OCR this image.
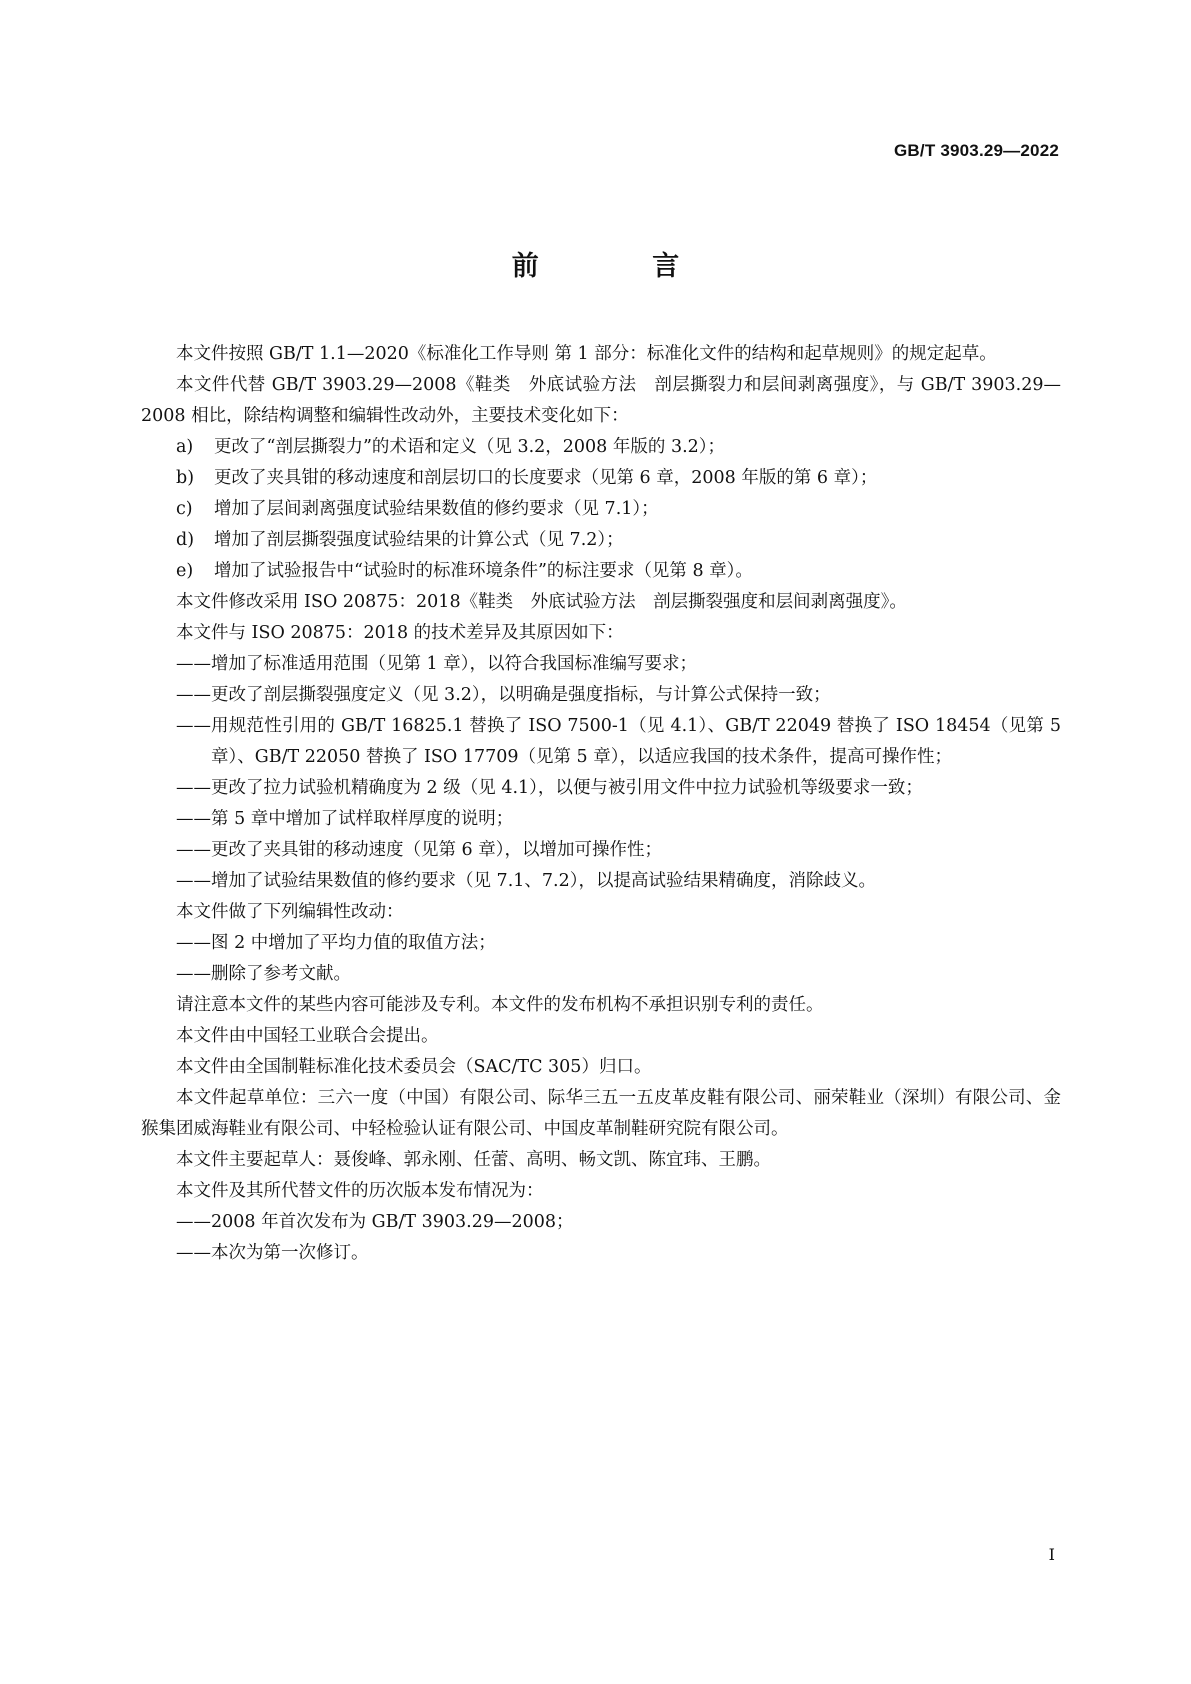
GB/T 3903.29—2022
前 言

本文件按照 GB/T 1.1—2020《标准化工作导则 第 1 部分：标准化文件的结构和起草规则》的规定起草。

本文件代替 GB/T 3903.29—2008《鞋类　外底试验方法　剖层撕裂力和层间剥离强度》，与 GB/T 3903.29—2008 相比，除结构调整和编辑性改动外，主要技术变化如下：

a)	更改了“剖层撕裂力”的术语和定义（见 3.2，2008 年版的 3.2）；
b)	更改了夹具钳的移动速度和剖层切口的长度要求（见第 6 章，2008 年版的第 6 章）；
c)	增加了层间剥离强度试验结果数值的修约要求（见 7.1）；
d)	增加了剖层撕裂强度试验结果的计算公式（见 7.2）；
e)	增加了试验报告中“试验时的标准环境条件”的标注要求（见第 8 章）。

本文件修改采用 ISO 20875：2018《鞋类　外底试验方法　剖层撕裂强度和层间剥离强度》。

本文件与 ISO 20875：2018 的技术差异及其原因如下：

—— 增加了标准适用范围（见第 1 章），以符合我国标准编写要求；
—— 更改了剖层撕裂强度定义（见 3.2），以明确是强度指标，与计算公式保持一致；
—— 用规范性引用的 GB/T 16825.1 替换了 ISO 7500-1（见 4.1）、GB/T 22049 替换了 ISO 18454（见第 5 章）、GB/T 22050 替换了 ISO 17709（见第 5 章），以适应我国的技术条件，提高可操作性；
—— 更改了拉力试验机精确度为 2 级（见 4.1），以便与被引用文件中拉力试验机等级要求一致；
—— 第 5 章中增加了试样取样厚度的说明；
—— 更改了夹具钳的移动速度（见第 6 章），以增加可操作性；
—— 增加了试验结果数值的修约要求（见 7.1、7.2），以提高试验结果精确度，消除歧义。

本文件做了下列编辑性改动：

—— 图 2 中增加了平均力值的取值方法；
—— 删除了参考文献。

请注意本文件的某些内容可能涉及专利。本文件的发布机构不承担识别专利的责任。

本文件由中国轻工业联合会提出。

本文件由全国制鞋标准化技术委员会（SAC/TC 305）归口。

本文件起草单位：三六一度（中国）有限公司、际华三五一五皮革皮鞋有限公司、丽荣鞋业（深圳）有限公司、金猴集团威海鞋业有限公司、中轻检验认证有限公司、中国皮革制鞋研究院有限公司。

本文件主要起草人：聂俊峰、郭永刚、任蕾、高明、畅文凯、陈宜玮、王鹏。

本文件及其所代替文件的历次版本发布情况为：

—— 2008 年首次发布为 GB/T 3903.29—2008；
—— 本次为第一次修订。
I
